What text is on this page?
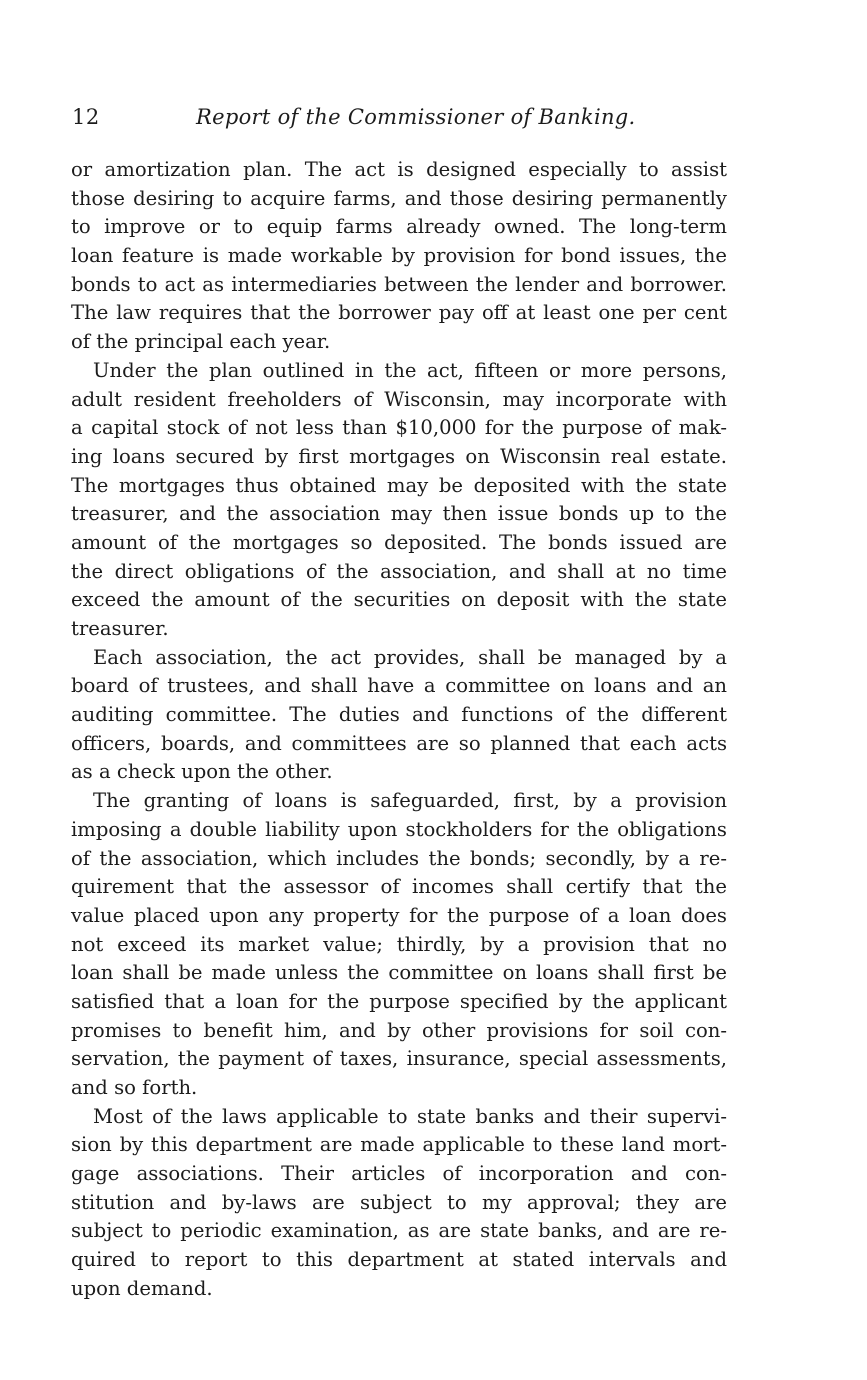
12	Report of the Commissioner of Banking.
or amortization plan. The act is designed especially to assist
those desiring to acquire farms, and those desiring permanently
to improve or to equip farms already owned. The long-term
loan feature is made workable by provision for bond issues, the
bonds to act as intermediaries between the lender and borrower.
The law requires that the borrower pay off at least one per cent
of the principal each year.
Under the plan outlined in the act, fifteen or more persons,
adult resident freeholders of Wisconsin, may incorporate with
a capital stock of not less than $10,000 for the purpose of mak-
ing loans secured by first mortgages on Wisconsin real estate.
The mortgages thus obtained may be deposited with the state
treasurer, and the association may then issue bonds up to the
amount of the mortgages so deposited. The bonds issued are
the direct obligations of the association, and shall at no time
exceed the amount of the securities on deposit with the state
treasurer.
Each association, the act provides, shall be managed by a
board of trustees, and shall have a committee on loans and an
auditing committee. The duties and functions of the different
officers, boards, and committees are so planned that each acts
as a check upon the other.
The granting of loans is safeguarded, first, by a provision
imposing a double liability upon stockholders for the obligations
of the association, which includes the bonds; secondly, by a re-
quirement that the assessor of incomes shall certify that the
value placed upon any property for the purpose of a loan does
not exceed its market value; thirdly, by a provision that no
loan shall be made unless the committee on loans shall first be
satisfied that a loan for the purpose specified by the applicant
promises to benefit him, and by other provisions for soil con-
servation, the payment of taxes, insurance, special assessments,
and so forth.
Most of the laws applicable to state banks and their supervi-
sion by this department are made applicable to these land mort-
gage associations. Their articles of incorporation and con-
stitution and by-laws are subject to my approval; they are
subject to periodic examination, as are state banks, and are re-
quired to report to this department at stated intervals and
upon demand.
